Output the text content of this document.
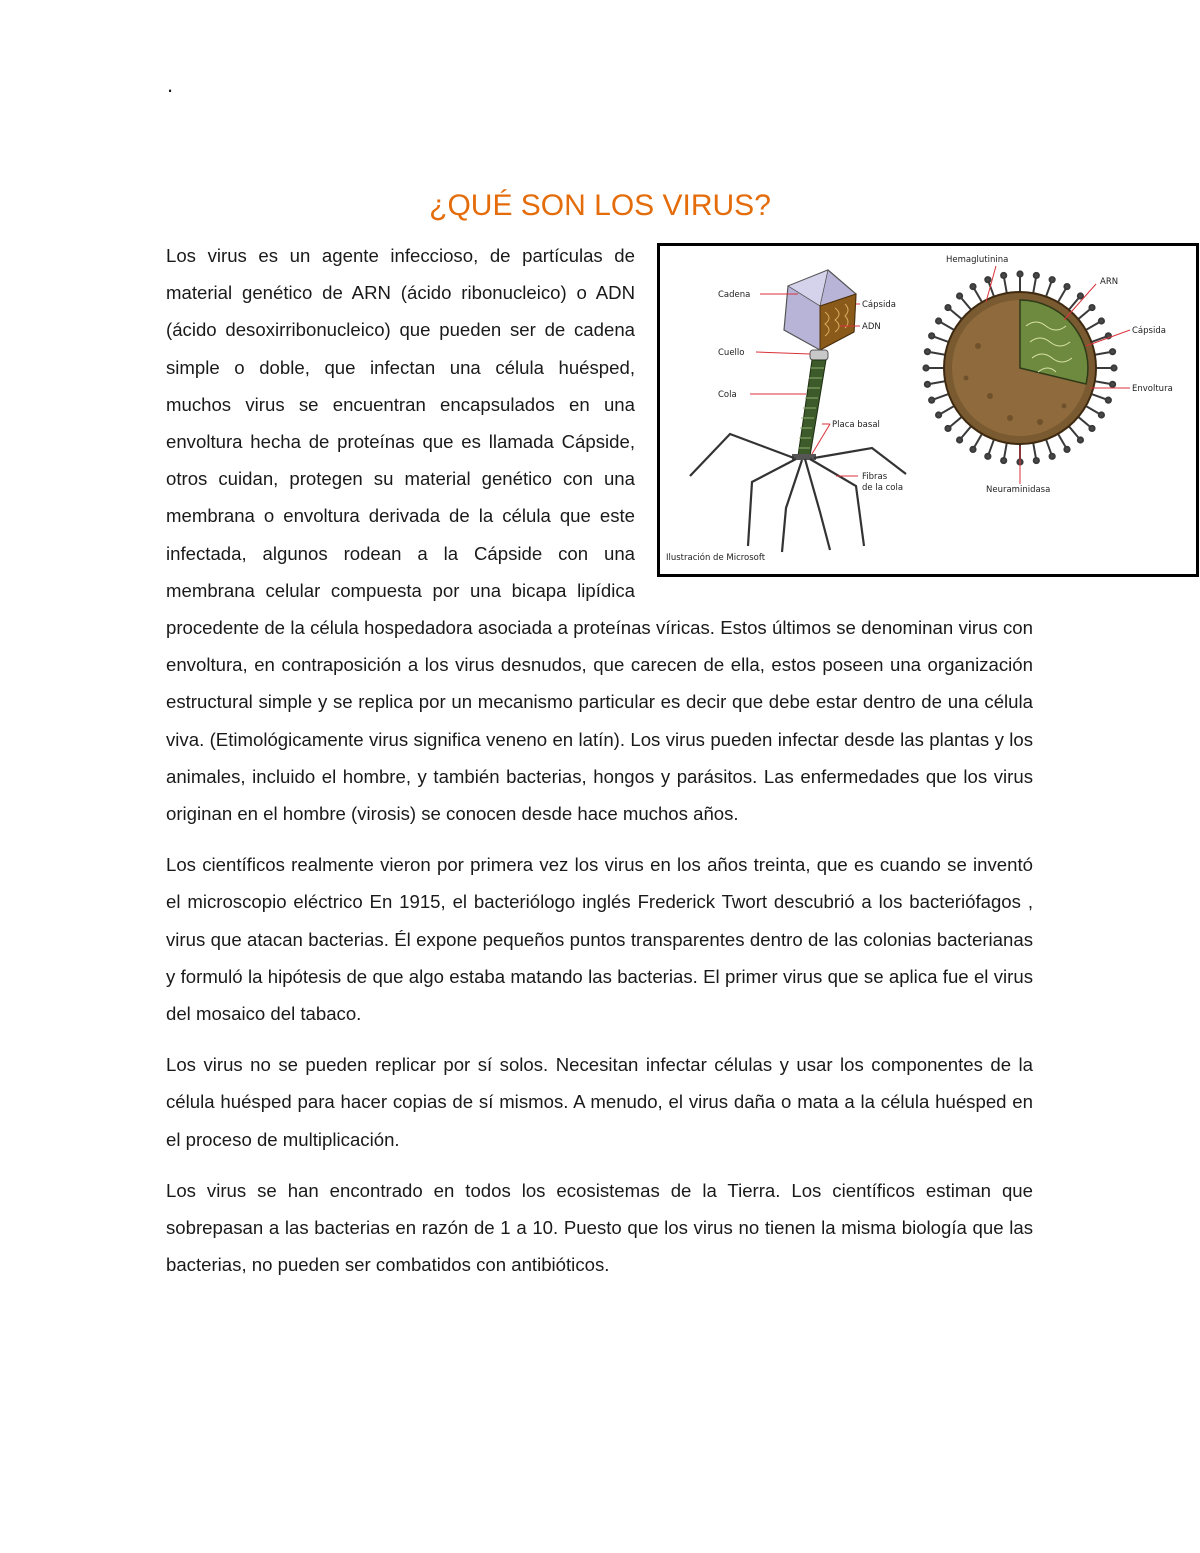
.
¿QUÉ SON LOS VIRUS?
Cadena
Cápsida
ADN
Cuello
Cola
Placa basal
Fibras
de la cola
Hemaglutinina
ARN
Cápsida
Envoltura
Neuraminidasa
Ilustración de Microsoft

Los virus es un agente infeccioso, de partículas de material genético de ARN (ácido ribonucleico) o ADN (ácido desoxirribonucleico) que pueden ser de cadena simple o doble, que infectan una célula huésped, muchos virus se encuentran encapsulados en una envoltura hecha de proteínas que es llamada Cápside, otros cuidan, protegen su material genético con una membrana o envoltura derivada de la célula que este infectada, algunos rodean a la Cápside con una membrana celular compuesta por una bicapa lipídica procedente de la célula hospedadora asociada a proteínas víricas. Estos últimos se denominan virus con envoltura, en contraposición a los virus desnudos, que carecen de ella, estos poseen una organización estructural simple y se replica por un mecanismo particular es decir que debe estar dentro de una célula viva. (Etimológicamente virus significa veneno en latín). Los virus pueden infectar desde las plantas y los animales, incluido el hombre, y también bacterias, hongos y parásitos. Las enfermedades que los virus originan en el hombre (virosis) se conocen desde hace muchos años.

Los científicos realmente vieron por primera vez los virus en los años treinta, que es cuando se inventó el microscopio eléctrico En 1915, el bacteriólogo inglés Frederick Twort descubrió a los bacteriófagos , virus que atacan bacterias. Él expone pequeños puntos transparentes dentro de las colonias bacterianas y formuló la hipótesis de que algo estaba matando las bacterias. El primer virus que se aplica fue el virus del mosaico del tabaco.

Los virus no se pueden replicar por sí solos. Necesitan infectar células y usar los componentes de la célula huésped para hacer copias de sí mismos. A menudo, el virus daña o mata a la célula huésped en el proceso de multiplicación.

Los virus se han encontrado en todos los ecosistemas de la Tierra. Los científicos estiman que sobrepasan a las bacterias en razón de 1 a 10. Puesto que los virus no tienen la misma biología que las bacterias, no pueden ser combatidos con antibióticos.
